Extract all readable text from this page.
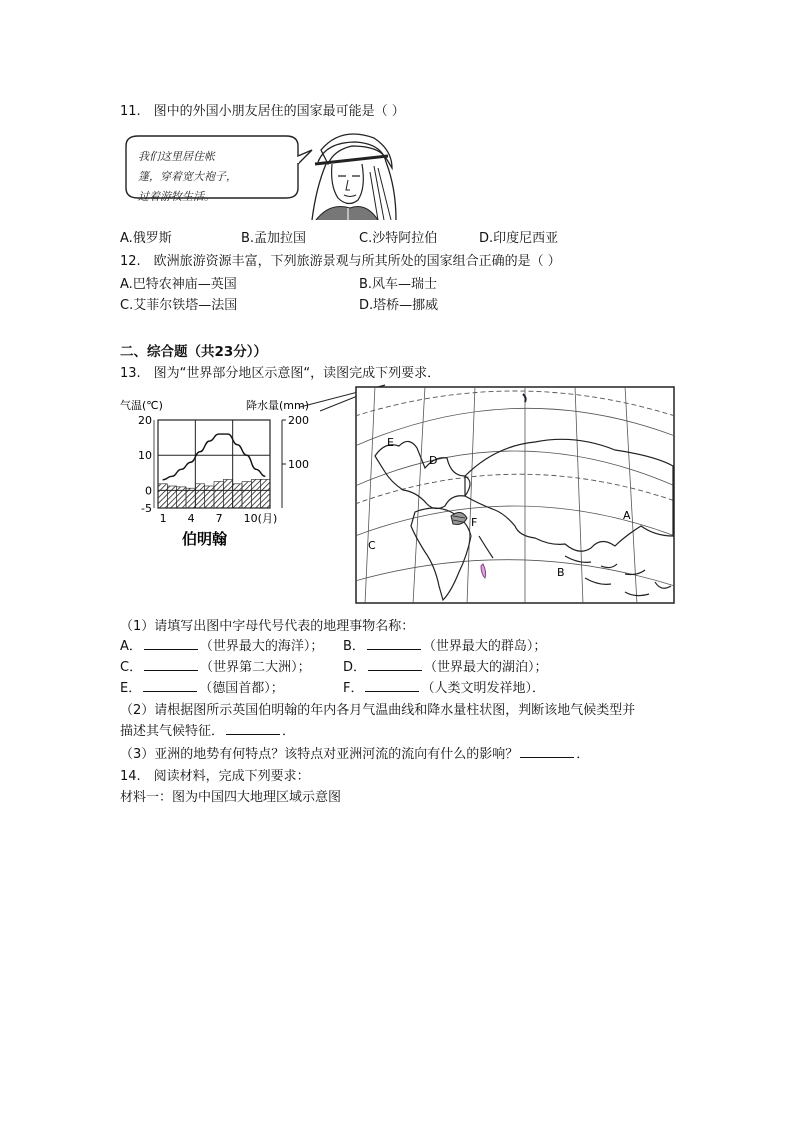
11.　图中的外国小朋友居住的国家最可能是（ ）
我们这里居住帐
篷，穿着宽大袍子，
过着游牧生活。
A.俄罗斯	B.孟加拉国	C.沙特阿拉伯	D.印度尼西亚
12.　欧洲旅游资源丰富，下列旅游景观与所其所处的国家组合正确的是（ ）
A.巴特农神庙—英国	B.风车—瑞士
C.艾菲尔铁塔—法国	D.塔桥—挪威
二、综合题（共23分））
13.　图为“世界部分地区示意图“，读图完成下列要求．
-5
0
10
20
100
200
1 4 7 10(月)
气温(℃)	降水量(mm)
伯明翰
E
D
C
F
B
A
（1）请填写出图中字母代号代表的地理事物名称：
A．	（世界最大的海洋）； B．	（世界最大的群岛）；
C．	（世界第二大洲）； D．	（世界最大的湖泊）；
E．	（德国首都）；	F．	（人类文明发祥地）．
（2）请根据图所示英国伯明翰的年内各月气温曲线和降水量柱状图，判断该地气候类型并
描述其气候特征．	．
（3）亚洲的地势有何特点？该特点对亚洲河流的流向有什么的影响？	．
14.　阅读材料，完成下列要求：
材料一：图为中国四大地理区域示意图
